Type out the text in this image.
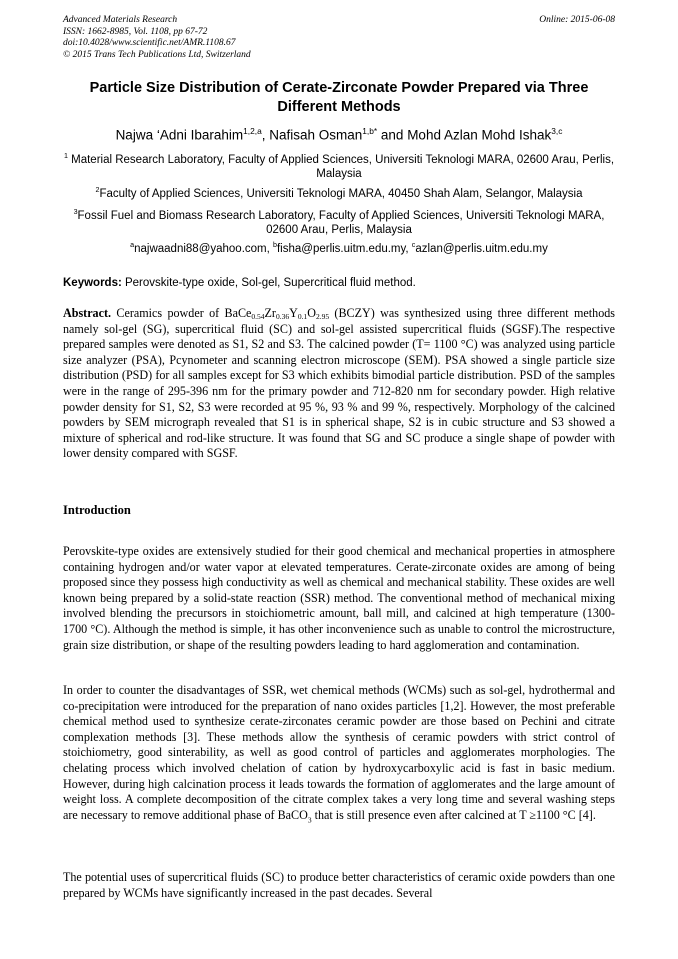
Advanced Materials Research
ISSN: 1662-8985, Vol. 1108, pp 67-72
doi:10.4028/www.scientific.net/AMR.1108.67
© 2015 Trans Tech Publications Ltd, Switzerland
Online: 2015-06-08
Particle Size Distribution of Cerate-Zirconate Powder Prepared via Three Different Methods
Najwa ‘Adni Ibarahim$^{1,2,a}$, Nafisah Osman$^{1,b*}$ and Mohd Azlan Mohd Ishak$^{3,c}$
$^1$ Material Research Laboratory, Faculty of Applied Sciences, Universiti Teknologi MARA, 02600 Arau, Perlis, Malaysia
$^2$Faculty of Applied Sciences, Universiti Teknologi MARA, 40450 Shah Alam, Selangor, Malaysia
$^3$Fossil Fuel and Biomass Research Laboratory, Faculty of Applied Sciences, Universiti Teknologi MARA, 02600 Arau, Perlis, Malaysia
$^a$najwaadni88@yahoo.com, $^b$fisha@perlis.uitm.edu.my, $^c$azlan@perlis.uitm.edu.my
Keywords: Perovskite-type oxide, Sol-gel, Supercritical fluid method.

Abstract. Ceramics powder of $BaCe_{0.54}Zr_{0.36}Y_{0.1}O_{2.95}$ (BCZY) was synthesized using three different methods namely sol-gel (SG), supercritical fluid (SC) and sol-gel assisted supercritical fluids (SGSF).The respective prepared samples were denoted as S1, S2 and S3. The calcined powder (T= 1100 °C) was analyzed using particle size analyzer (PSA), Pcynometer and scanning electron microscope (SEM). PSA showed a single particle size distribution (PSD) for all samples except for S3 which exhibits bimodial particle distribution. PSD of the samples were in the range of 295-396 nm for the primary powder and 712-820 nm for secondary powder. High relative powder density for S1, S2, S3 were recorded at 95 %, 93 % and 99 %, respectively. Morphology of the calcined powders by SEM micrograph revealed that S1 is in spherical shape, S2 is in cubic structure and S3 showed a mixture of spherical and rod-like structure. It was found that SG and SC produce a single shape of powder with lower density compared with SGSF.

Introduction

Perovskite-type oxides are extensively studied for their good chemical and mechanical properties in atmosphere containing hydrogen and/or water vapor at elevated temperatures. Cerate-zirconate oxides are among of being proposed since they possess high conductivity as well as chemical and mechanical stability. These oxides are well known being prepared by a solid-state reaction (SSR) method. The conventional method of mechanical mixing involved blending the precursors in stoichiometric amount, ball mill, and calcined at high temperature (1300-1700 °C). Although the method is simple, it has other inconvenience such as unable to control the microstructure, grain size distribution, or shape of the resulting powders leading to hard agglomeration and contamination.

In order to counter the disadvantages of SSR, wet chemical methods (WCMs) such as sol-gel, hydrothermal and co-precipitation were introduced for the preparation of nano oxides particles [1,2]. However, the most preferable chemical method used to synthesize cerate-zirconates ceramic powder are those based on Pechini and citrate complexation methods [3]. These methods allow the synthesis of ceramic powders with strict control of stoichiometry, good sinterability, as well as good control of particles and agglomerates morphologies. The chelating process which involved chelation of cation by hydroxycarboxylic acid is fast in basic medium. However, during high calcination process it leads towards the formation of agglomerates and the large amount of weight loss. A complete decomposition of the citrate complex takes a very long time and several washing steps are necessary to remove additional phase of BaCO$_3$ that is still presence even after calcined at T ≥1100 °C [4].

The potential uses of supercritical fluids (SC) to produce better characteristics of ceramic oxide powders than one prepared by WCMs have significantly increased in the past decades. Several
